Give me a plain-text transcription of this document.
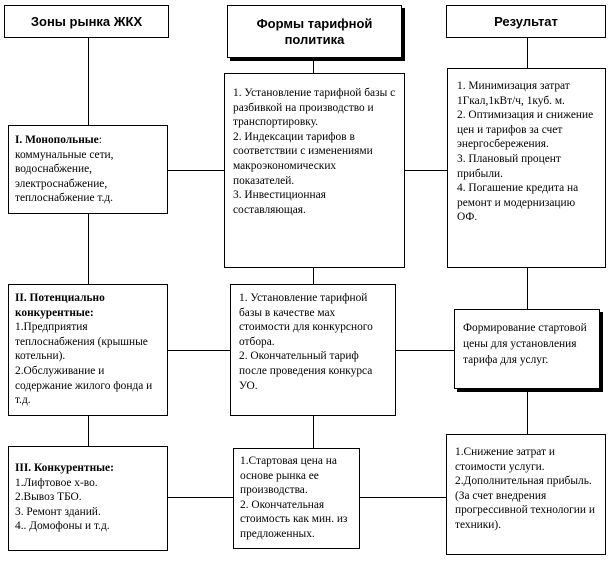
Зоны рынка ЖКХ	Формы тарифной политика
Результат
I. Монопольные: коммунальные сети, водоснабжение, электроснабжение, теплоснабжение т.д.
II. Потенциально конкурентные:
1.Предприятия теплоснабжения (крышные котельни).
2.Обслуживание и содержание жилого фонда и т.д.
III. Конкурентные:
1.Лифтовое х-во.
2.Вывоз ТБО.
3. Ремонт зданий.
4.. Домофоны и т.д.
1. Установление тарифной базы с разбивкой на производство и транспортировку.
2. Индексации тарифов в соответствии с изменениями макроэкономических показателей.
3. Инвестиционная составляющая.
1. Установление тарифной базы в качестве мах стоимости для конкурсного отбора.
2. Окончательный тариф после проведения конкурса УО.
1.Стартовая цена на основе рынка ее производства.
2. Окончательная стоимость как мин. из предложенных.
1. Минимизация затрат 1Гкал,1кВт/ч, 1куб. м.
2. Оптимизация и снижение цен и тарифов за счет энергосбережения.
3. Плановый процент прибыли.
4. Погашение кредита на ремонт и модернизацию ОФ.
Формирование стартовой цены для установления тарифа для услуг.
1.Снижение затрат и стоимости услуги.
2.Дополнительная прибыль. (За счет внедрения прогрессивной технологии и техники).
